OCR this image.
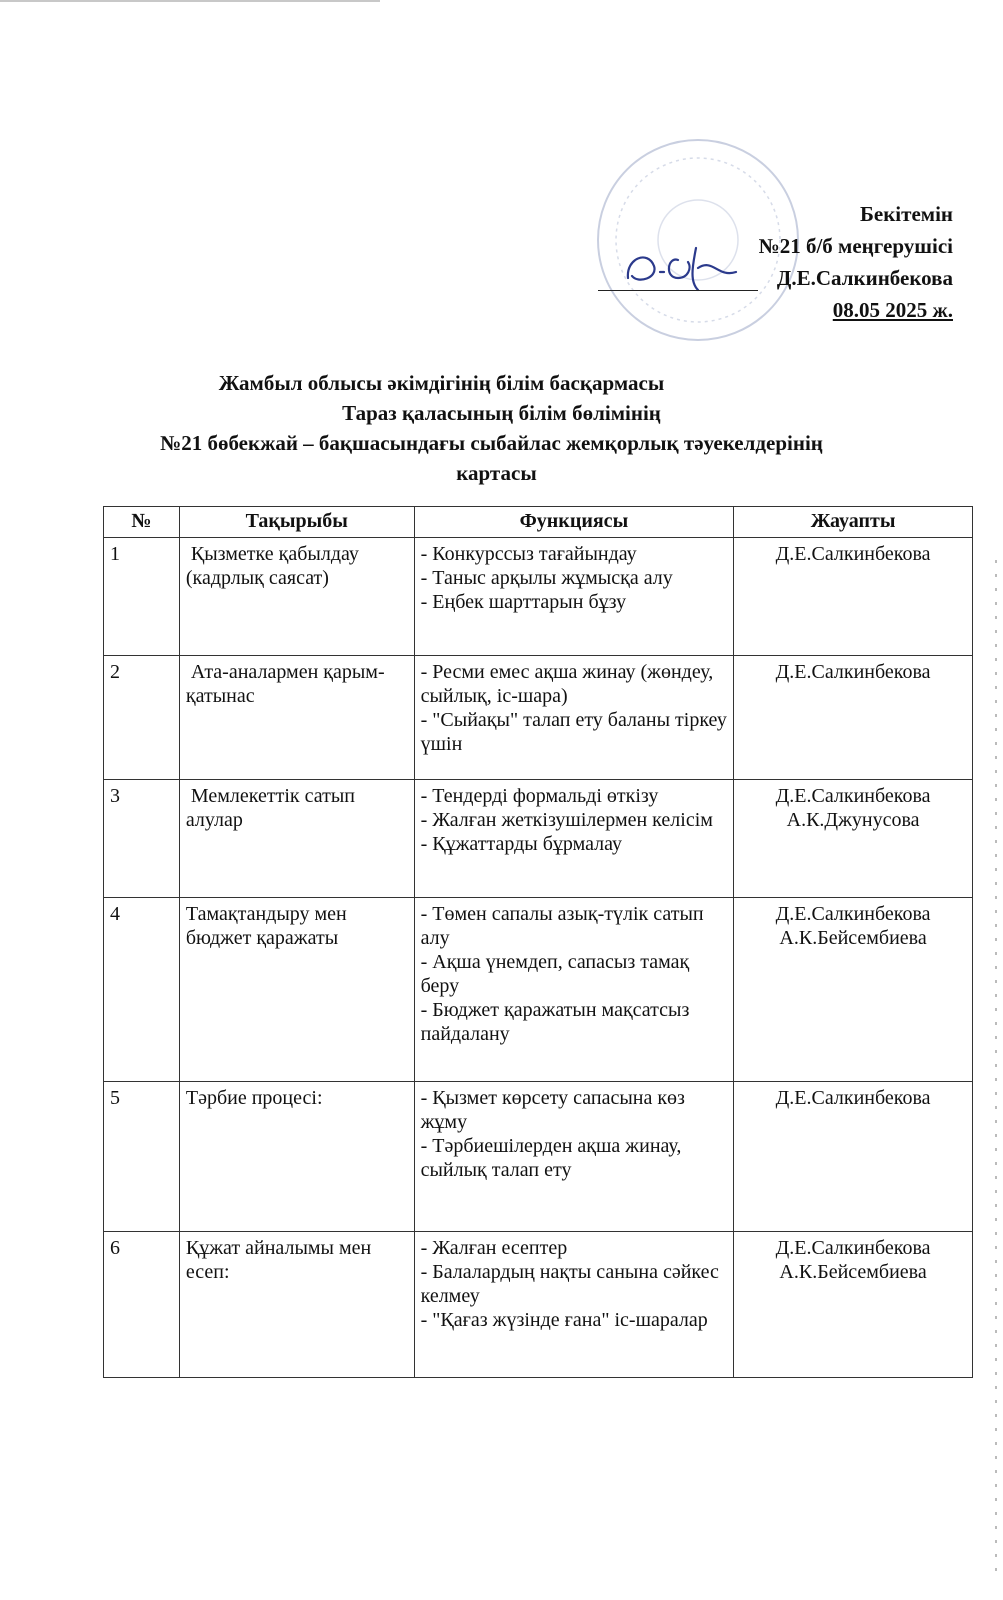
Бекітемін
№21 б/б меңгерушісі
Д.Е.Салкинбекова
08.05 2025 ж.
Жамбыл облысы әкімдігінің білім басқармасы
Тараз қаласының білім бөлімінің
№21 бөбекжай – бақшасындағы сыбайлас жемқорлық тәуекелдерінің
картасы
№	Тақырыбы	Функциясы	Жауапты
1	Қызметке қабылдау (кадрлық саясат)	- Конкурссыз тағайындау
- Таныс арқылы жұмысқа алу
- Еңбек шарттарын бұзу	Д.Е.Салкинбекова

2	Ата-аналармен қарым-қатынас	- Ресми емес ақша жинау (жөндеу, сыйлық, іс-шара)
- "Сыйақы" талап ету баланы тіркеу үшін	Д.Е.Салкинбекова

3	Мемлекеттік сатып алулар	- Тендерді формальді өткізу
- Жалған жеткізушілермен келісім
- Құжаттарды бұрмалау	Д.Е.Салкинбекова
А.К.Джунусова

4	Тамақтандыру мен бюджет қаражаты	- Төмен сапалы азық-түлік сатып алу
- Ақша үнемдеп, сапасыз тамақ беру
- Бюджет қаражатын мақсатсыз пайдалану	Д.Е.Салкинбекова
А.К.Бейсембиева

5	Тәрбие процесі:	- Қызмет көрсету сапасына көз жұму
- Тәрбиешілерден ақша жинау, сыйлық талап ету	Д.Е.Салкинбекова

6	Құжат айналымы мен есеп:	- Жалған есептер
- Балалардың нақты санына сәйкес келмеу
- "Қағаз жүзінде ғана" іс-шаралар	Д.Е.Салкинбекова
А.К.Бейсембиева
